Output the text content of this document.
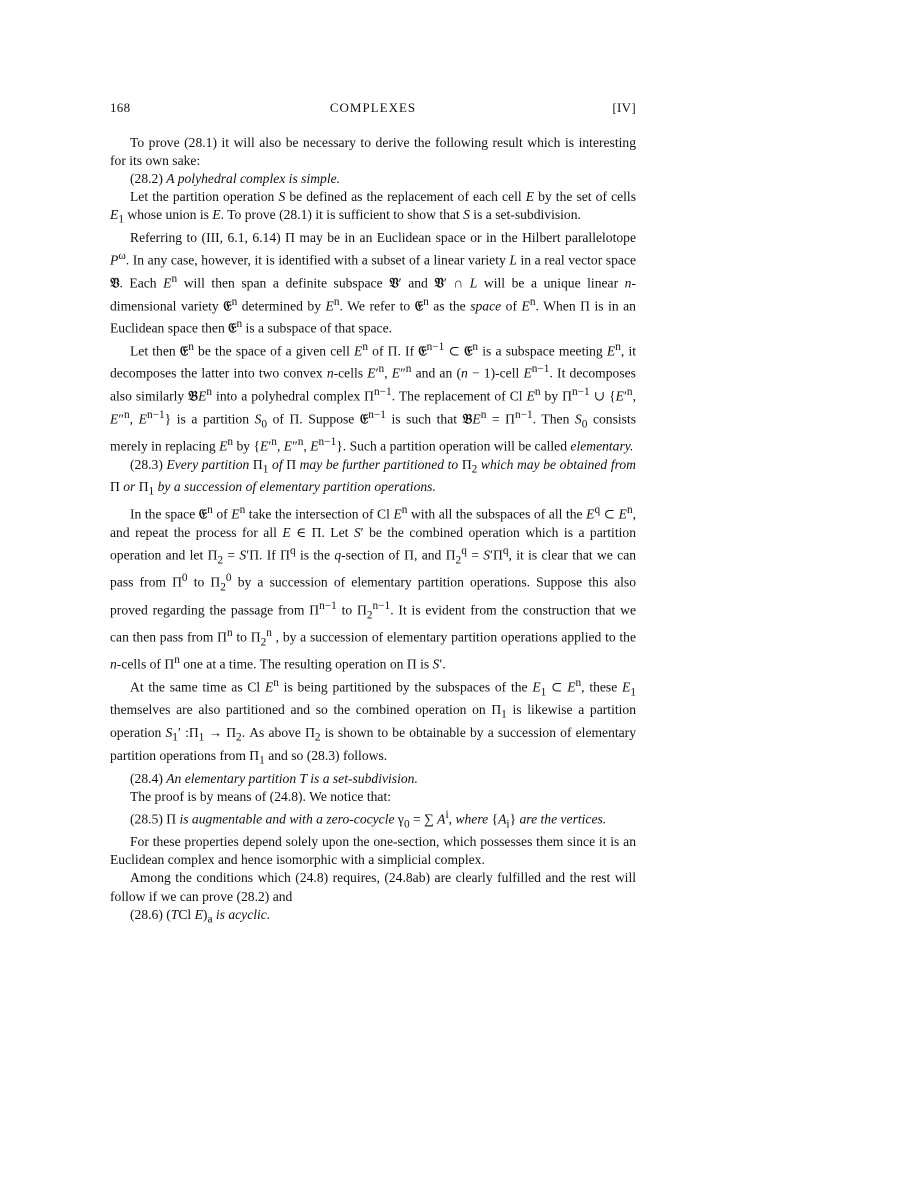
168	COMPLEXES	[IV]

To prove (28.1) it will also be necessary to derive the following result which is interesting for its own sake:

(28.2) A polyhedral complex is simple.

Let the partition operation S be defined as the replacement of each cell E by the set of cells $E_1$ whose union is E. To prove (28.1) it is sufficient to show that S is a set-subdivision.

Referring to (III, 6.1, 6.14) Π may be in an Euclidean space or in the Hilbert parallelotope $P^\omega$. In any case, however, it is identified with a subset of a linear variety L in a real vector space 𝔙. Each $E^n$ will then span a definite subspace 𝔙′ and 𝔙′ ∩ L will be a unique linear n-dimensional variety 𝔈$^n$ determined by $E^n$. We refer to 𝔈$^n$ as the space of $E^n$. When Π is in an Euclidean space then 𝔈$^n$ is a subspace of that space.

Let then 𝔈$^n$ be the space of a given cell $E^n$ of Π. If 𝔈$^{n-1}$ ⊂ 𝔈$^n$ is a subspace meeting $E^n$, it decomposes the latter into two convex n-cells $E'^n$, E″$^n$ and an (n − 1)-cell $E^{n-1}$. It decomposes also similarly 𝔅E$^n$ into a polyhedral complex $\Pi^{n-1}$. The replacement of Cl $E^n$ by $\Pi^{n-1}$ ∪ {$E'^n$, E″$^n$, $E^{n-1}$} is a partition $S_0$ of Π. Suppose 𝔈$^{n-1}$ is such that 𝔅E$^n$ = $\Pi^{n-1}$. Then $S_0$ consists merely in replacing $E^n$ by {$E'^n$, E″$^n$, $E^{n-1}$}. Such a partition operation will be called elementary.

(28.3) Every partition $\Pi_1$ of Π may be further partitioned to $\Pi_2$ which may be obtained from Π or $\Pi_1$ by a succession of elementary partition operations.

In the space 𝔈$^n$ of $E^n$ take the intersection of Cl $E^n$ with all the subspaces of all the $E^q$ ⊂ $E^n$, and repeat the process for all E ∈ Π. Let S′ be the combined operation which is a partition operation and let $\Pi_2 = S'\Pi$. If $\Pi^q$ is the q-section of Π, and $\Pi_2^q = S'\Pi^q$, it is clear that we can pass from $\Pi^0$ to $\Pi_2^0$ by a succession of elementary partition operations. Suppose this also proved regarding the passage from $\Pi^{n-1}$ to $\Pi_2^{n-1}$. It is evident from the construction that we can then pass from $\Pi^n$ to $\Pi_2^n$ , by a succession of elementary partition operations applied to the n-cells of $\Pi^n$ one at a time. The resulting operation on Π is S′.

At the same time as Cl $E^n$ is being partitioned by the subspaces of the $E_1$ ⊂ $E^n$, these $E_1$ themselves are also partitioned and so the combined operation on $\Pi_1$ is likewise a partition operation $S_1'$ $:\Pi_1 \to \Pi_2$. As above $\Pi_2$ is shown to be obtainable by a succession of elementary partition operations from $\Pi_1$ and so (28.3) follows.

(28.4) An elementary partition T is a set-subdivision.

The proof is by means of (24.8). We notice that:

(28.5) Π is augmentable and with a zero-cocycle $\gamma_0$ = ∑ $A^i$, where $\{A_i\}$ are the vertices.

For these properties depend solely upon the one-section, which possesses them since it is an Euclidean complex and hence isomorphic with a simplicial complex.

Among the conditions which (24.8) requires, (24.8ab) are clearly fulfilled and the rest will follow if we can prove (28.2) and

(28.6) (TCl $E)_a$ is acyclic.
